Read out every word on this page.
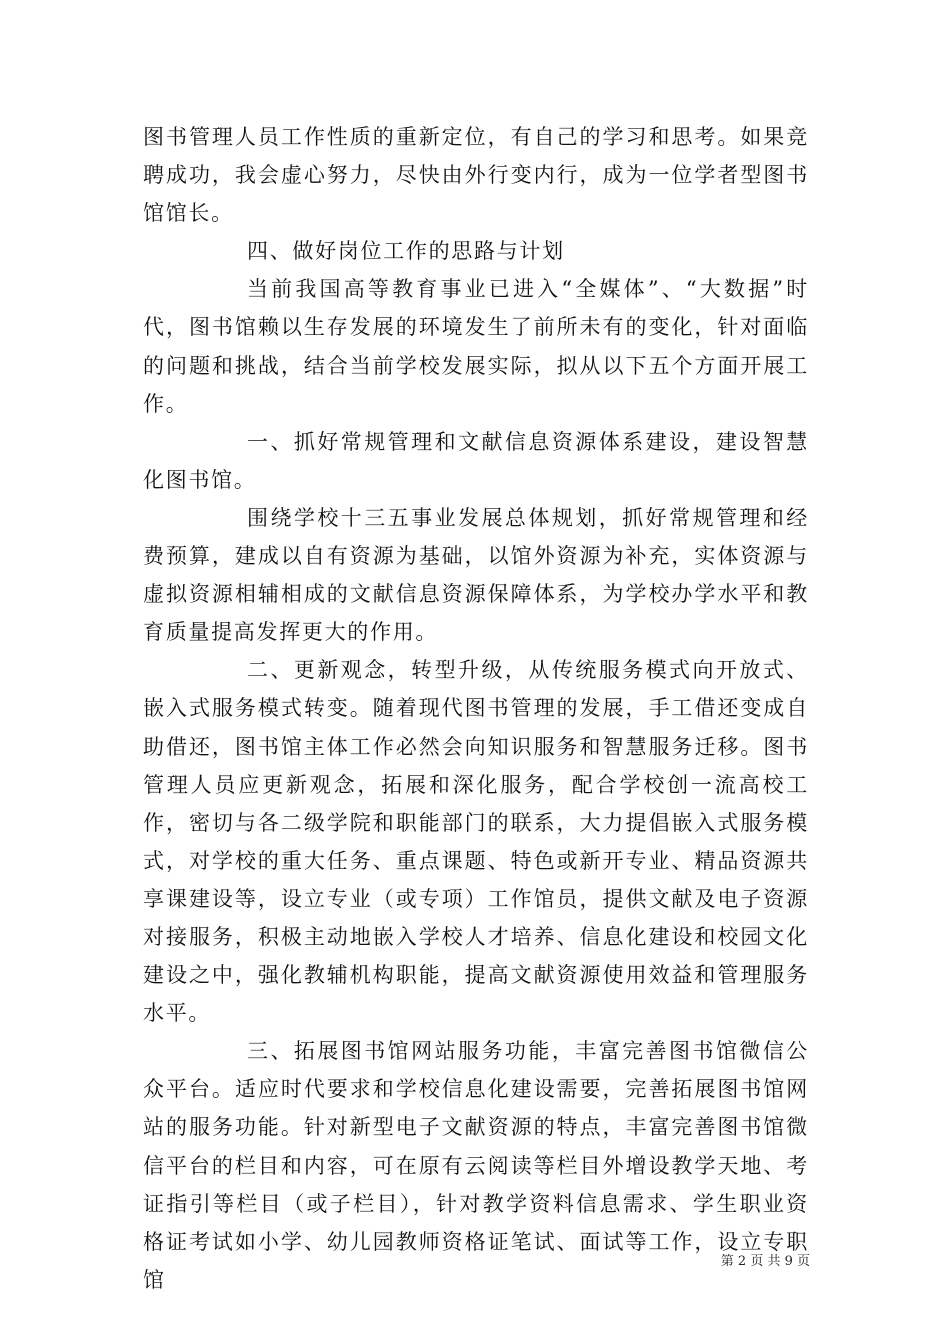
图书管理人员工作性质的重新定位，有自己的学习和思考。如果竞聘成功，我会虚心努力，尽快由外行变内行，成为一位学者型图书馆馆长。

四、做好岗位工作的思路与计划

当前我国高等教育事业已进入“全媒体”、“大数据”时代，图书馆赖以生存发展的环境发生了前所未有的变化，针对面临的问题和挑战，结合当前学校发展实际，拟从以下五个方面开展工作。

一、抓好常规管理和文献信息资源体系建设，建设智慧化图书馆。

围绕学校十三五事业发展总体规划，抓好常规管理和经费预算，建成以自有资源为基础，以馆外资源为补充，实体资源与虚拟资源相辅相成的文献信息资源保障体系，为学校办学水平和教育质量提高发挥更大的作用。

二、更新观念，转型升级，从传统服务模式向开放式、嵌入式服务模式转变。随着现代图书管理的发展，手工借还变成自助借还，图书馆主体工作必然会向知识服务和智慧服务迁移。图书管理人员应更新观念，拓展和深化服务，配合学校创一流高校工作，密切与各二级学院和职能部门的联系，大力提倡嵌入式服务模式，对学校的重大任务、重点课题、特色或新开专业、精品资源共享课建设等，设立专业（或专项）工作馆员，提供文献及电子资源对接服务，积极主动地嵌入学校人才培养、信息化建设和校园文化建设之中，强化教辅机构职能，提高文献资源使用效益和管理服务水平。

三、拓展图书馆网站服务功能，丰富完善图书馆微信公众平台。适应时代要求和学校信息化建设需要，完善拓展图书馆网站的服务功能。针对新型电子文献资源的特点，丰富完善图书馆微信平台的栏目和内容，可在原有云阅读等栏目外增设教学天地、考证指引等栏目（或子栏目），针对教学资料信息需求、学生职业资格证考试如小学、幼儿园教师资格证笔试、面试等工作，设立专职馆

第 2 页 共 9 页
